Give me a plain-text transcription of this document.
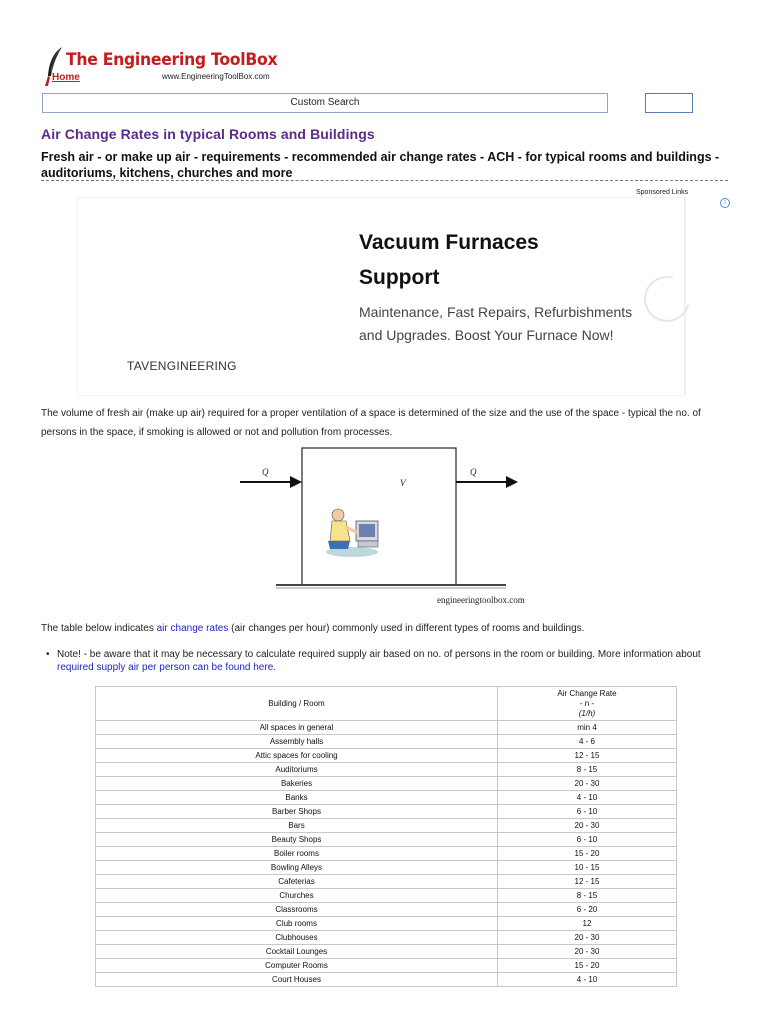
The Engineering ToolBox
Home	www.EngineeringToolBox.com
Custom Search
Air Change Rates in typical Rooms and Buildings

Fresh air - or make up air - requirements - recommended air change rates - ACH - for typical rooms and buildings - auditoriums, kitchens, churches and more

Sponsored Links
i
Vacuum Furnaces Support
Maintenance, Fast Repairs, Refurbishments and Upgrades. Boost Your Furnace Now!
TAVENGINEERING

The volume of fresh air (make up air) required for a proper ventilation of a space is determined of the size and the use of the space - typical the no. of persons in the space, if smoking is allowed or not and pollution from processes.

Q	Q
V
engineeringtoolbox.com

The table below indicates air change rates (air changes per hour) commonly used in different types of rooms and buildings.

• Note! - be aware that it may be necessary to calculate required supply air based on no. of persons in the room or building. More information about required supply air per person can be found here.
Building / Room	Air Change Rate
- n -
(1/h)

All spaces in general	min 4
Assembly halls	4 - 6
Attic spaces for cooling	12 - 15
Auditoriums	8 - 15
Bakeries	20 - 30
Banks	4 - 10
Barber Shops	6 - 10
Bars	20 - 30
Beauty Shops	6 - 10
Boiler rooms	15 - 20
Bowling Alleys	10 - 15
Cafeterias	12 - 15
Churches	8 - 15
Classrooms	6 - 20
Club rooms	12
Clubhouses	20 - 30
Cocktail Lounges	20 - 30
Computer Rooms	15 - 20
Court Houses	4 - 10
